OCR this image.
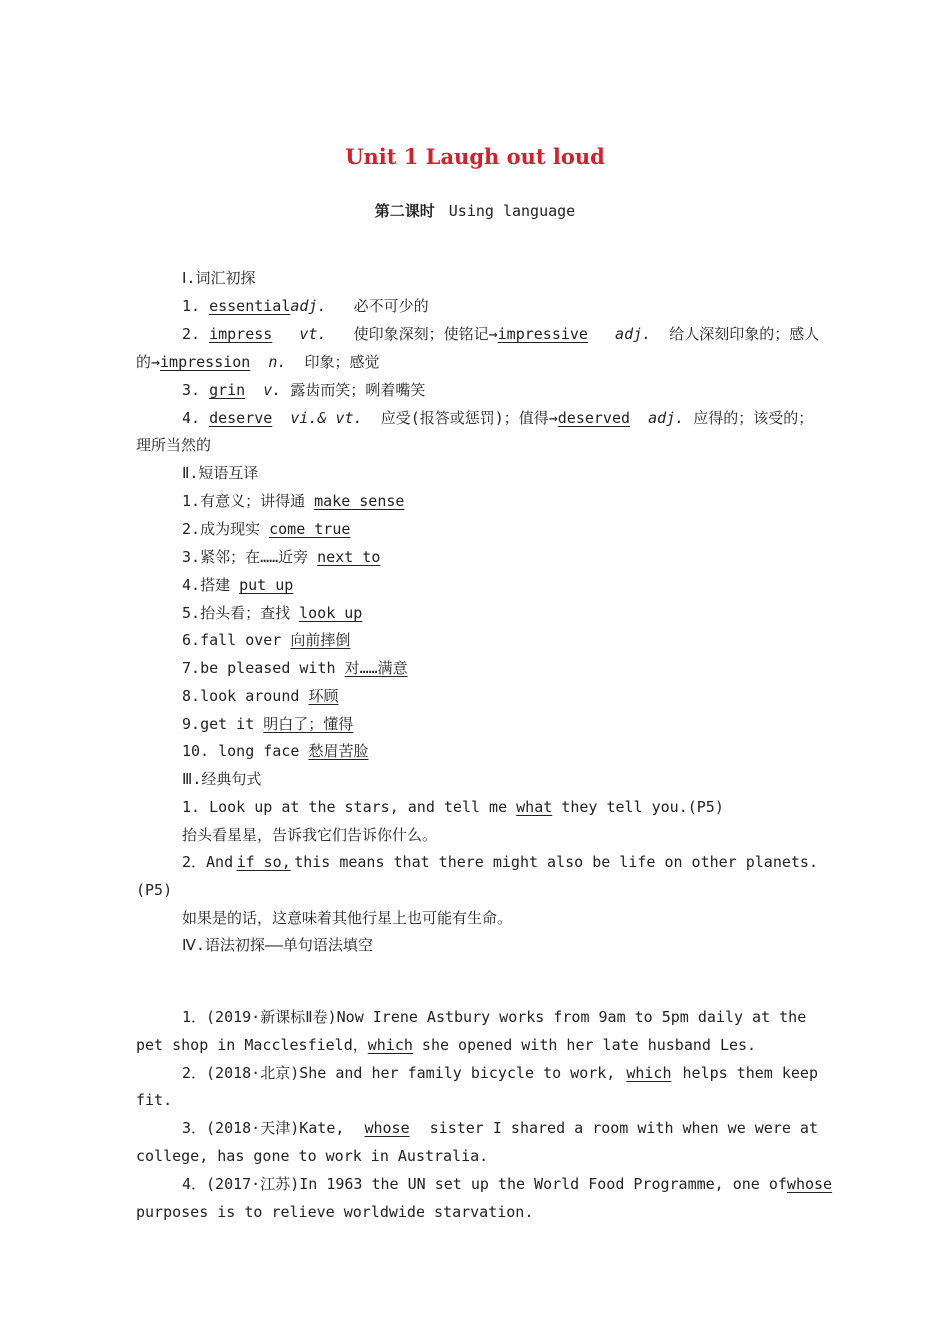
Unit 1 Laugh out loud
第二课时 Using language
Ⅰ.词汇初探
1. essentialadj. 必不可少的
2. impress vt. 使印象深刻；使铭记→impressive adj. 给人深刻印象的；感人
的→impression n. 印象；感觉
3. grin v. 露齿而笑；咧着嘴笑
4. deserve vi.& vt. 应受(报答或惩罚)；值得→deserved adj. 应得的；该受的；
理所当然的
Ⅱ.短语互译
1.有意义；讲得通 make sense
2.成为现实 come true
3.紧邻；在……近旁 next to
4.搭建 put up
5.抬头看；查找 look up
6.fall over 向前摔倒
7.be pleased with 对……满意
8.look around 环顾
9.get it 明白了；懂得
10. long face 愁眉苦脸
Ⅲ.经典句式
1. Look up at the stars, and tell me what they tell you.(P5)
抬头看星星，告诉我它们告诉你什么。
2．And if so, this means that there might also be life on other planets.
(P5)
如果是的话，这意味着其他行星上也可能有生命。
Ⅳ.语法初探——单句语法填空
1．(2019·新课标Ⅱ卷)Now Irene Astbury works from 9am to 5pm daily at the
pet shop in Macclesfield，which she opened with her late husband Les.
2．(2018·北京)She and her family bicycle to work, which helps them keep
fit.
3．(2018·天津)Kate, whose sister I shared a room with when we were at
college, has gone to work in Australia.
4．(2017·江苏)In 1963 the UN set up the World Food Programme, one of whose
purposes is to relieve worldwide starvation.
